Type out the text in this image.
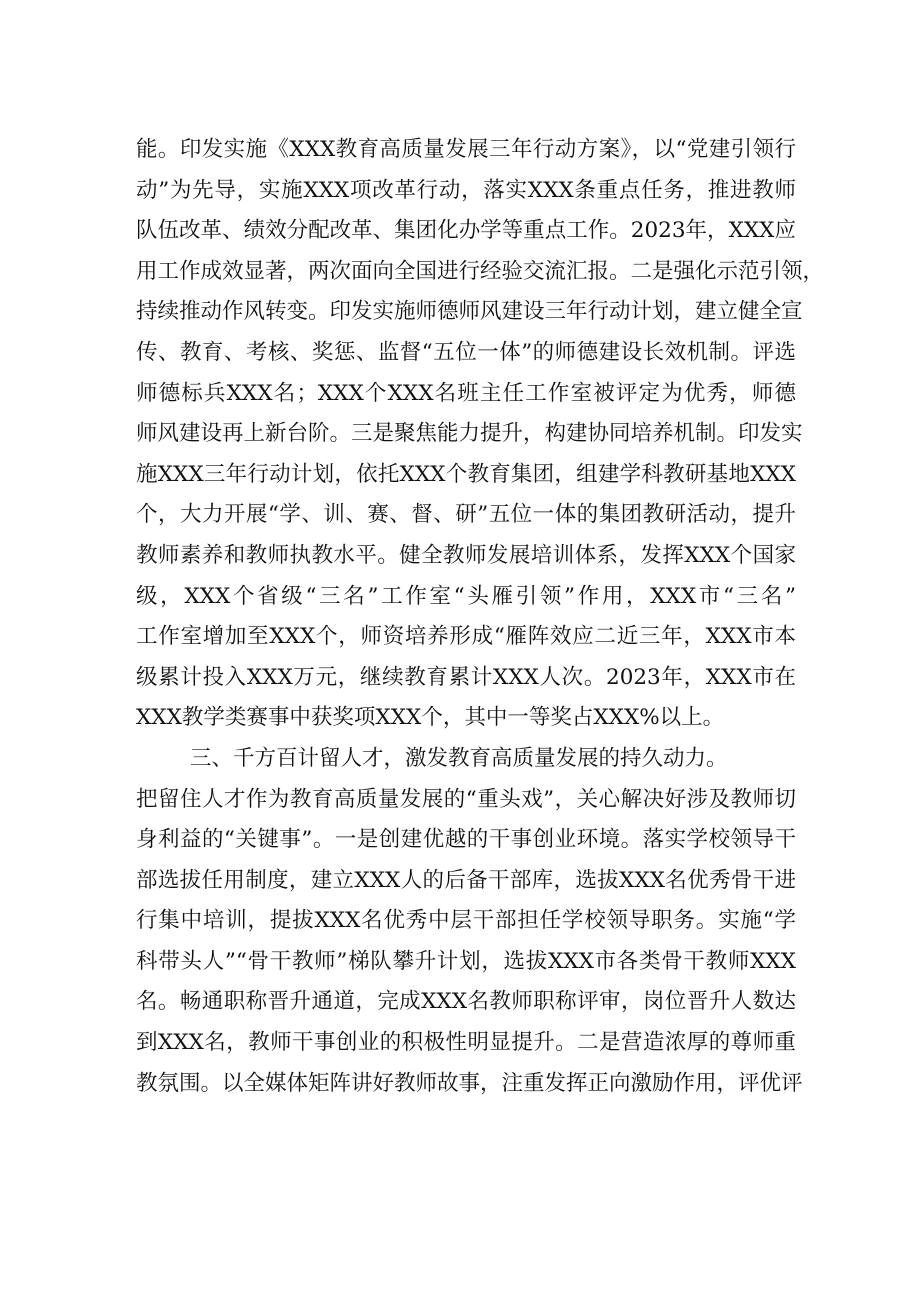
能。印发实施《XXX教育高质量发展三年行动方案》，以“党建引领行
动”为先导，实施XXX项改革行动，落实XXX条重点任务，推进教师
队伍改革、绩效分配改革、集团化办学等重点工作。2023年，XXX应
用工作成效显著，两次面向全国进行经验交流汇报。二是强化示范引领，
持续推动作风转变。印发实施师德师风建设三年行动计划，建立健全宣
传、教育、考核、奖惩、监督“五位一体”的师德建设长效机制。评选
师德标兵XXX名；XXX个XXX名班主任工作室被评定为优秀，师德
师风建设再上新台阶。三是聚焦能力提升，构建协同培养机制。印发实
施XXX三年行动计划，依托XXX个教育集团，组建学科教研基地XXX
个，大力开展“学、训、赛、督、研”五位一体的集团教研活动，提升
教师素养和教师执教水平。健全教师发展培训体系，发挥XXX个国家
级，XXX个省级“三名”工作室“头雁引领”作用，XXX市“三名”
工作室增加至XXX个，师资培养形成“雁阵效应二近三年，XXX市本
级累计投入XXX万元，继续教育累计XXX人次。2023年，XXX市在
XXX教学类赛事中获奖项XXX个，其中一等奖占XXX%以上。
三、千方百计留人才，激发教育高质量发展的持久动力。
把留住人才作为教育高质量发展的“重头戏”，关心解决好涉及教师切
身利益的“关键事”。一是创建优越的干事创业环境。落实学校领导干
部选拔任用制度，建立XXX人的后备干部库，选拔XXX名优秀骨干进
行集中培训，提拔XXX名优秀中层干部担任学校领导职务。实施“学
科带头人”“骨干教师”梯队攀升计划，选拔XXX市各类骨干教师XXX
名。畅通职称晋升通道，完成XXX名教师职称评审，岗位晋升人数达
到XXX名，教师干事创业的积极性明显提升。二是营造浓厚的尊师重
教氛围。以全媒体矩阵讲好教师故事，注重发挥正向激励作用，评优评
